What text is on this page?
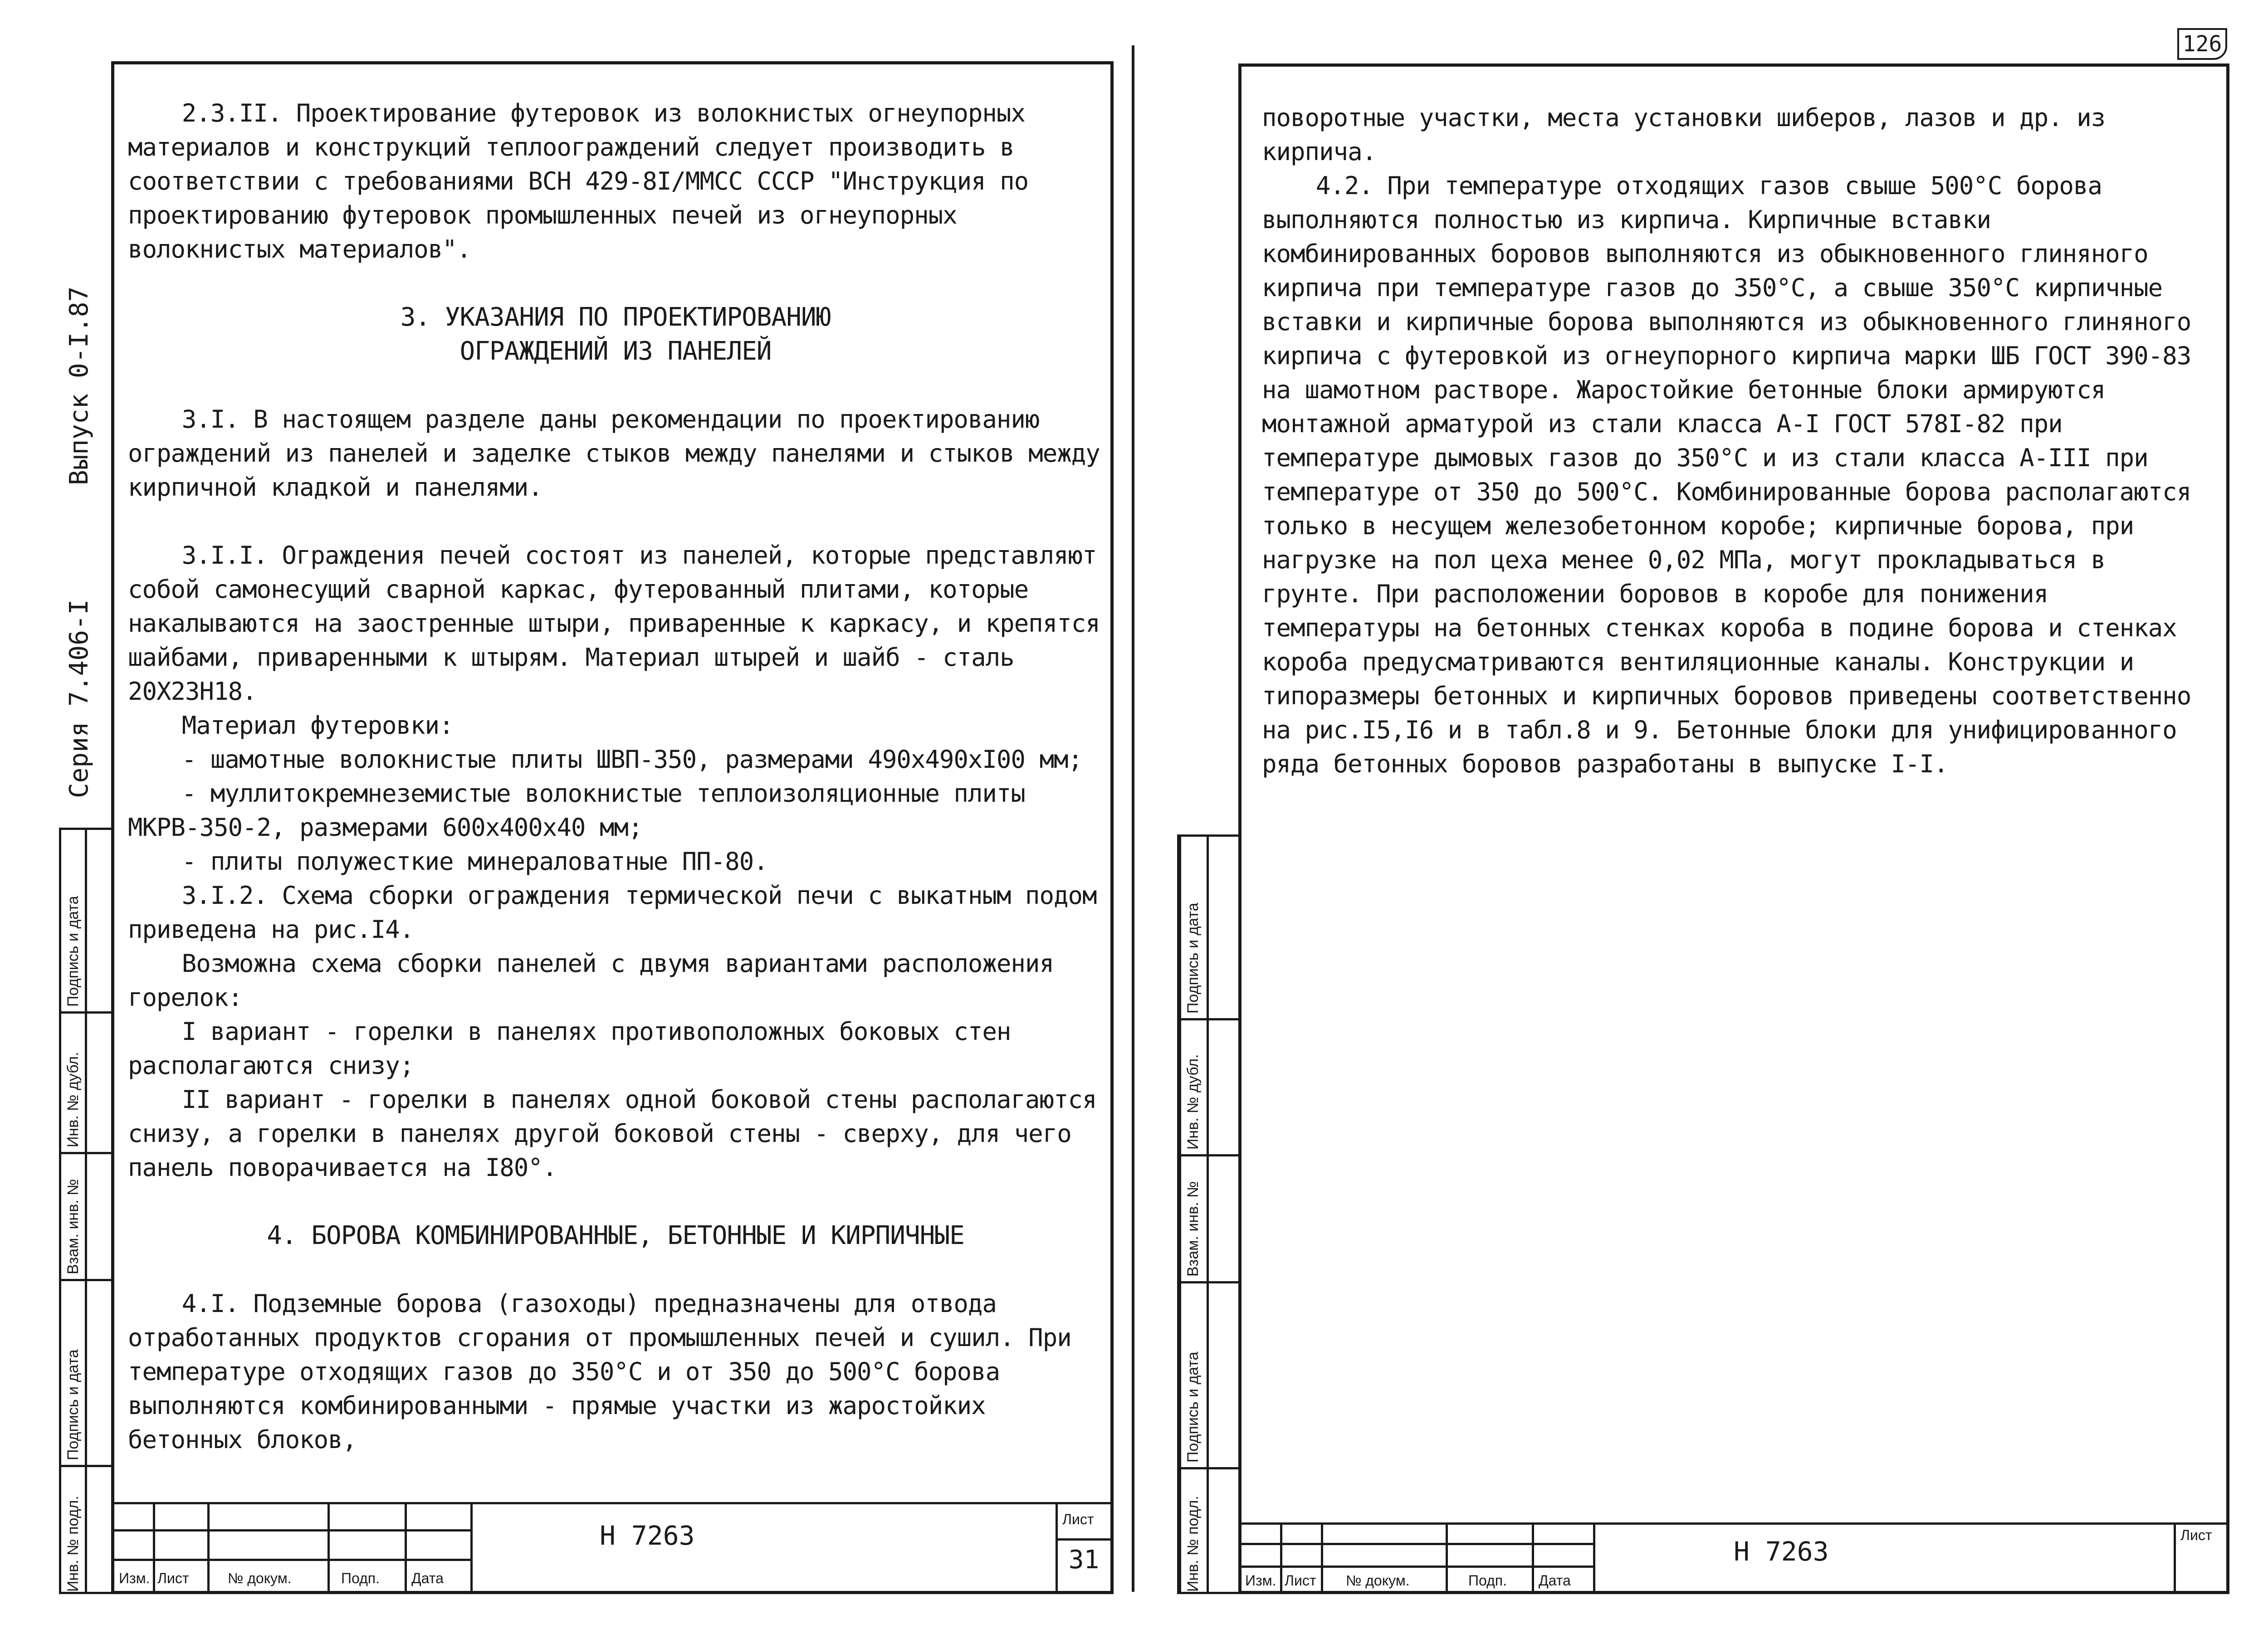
126
Выпуск 0-I.87
Серия 7.406-I
Подпись и дата
Инв. № дубл.
Взам. инв. №
Подпись и дата
Инв. № подл.

2.3.II. Проектирование футеровок из волокнистых огнеупорных материалов и конструкций теплоограждений следует производить в соответствии с требованиями ВСН 429-8I/ММСС СССР "Инструкция по проектированию футеровок промышленных печей из огнеупорных волокнистых материалов".

3. УКАЗАНИЯ ПО ПРОЕКТИРОВАНИЮ ОГРАЖДЕНИЙ ИЗ ПАНЕЛЕЙ

3.I. В настоящем разделе даны рекомендации по проектированию ограждений из панелей и заделке стыков между панелями и стыков между кирпичной кладкой и панелями.

3.I.I. Ограждения печей состоят из панелей, которые представляют собой самонесущий сварной каркас, футерованный плитами, которые накалываются на заостренные штыри, приваренные к каркасу, и крепятся шайбами, приваренными к штырям. Материал штырей и шайб - сталь 20Х23Н18.

Материал футеровки:

- шамотные волокнистые плиты ШВП-350, размерами 490х490хI00 мм;

- муллитокремнеземистые волокнистые теплоизоляционные плиты МКРВ-350-2, размерами 600х400х40 мм;

- плиты полужесткие минераловатные ПП-80.

3.I.2. Схема сборки ограждения термической печи с выкатным подом приведена на рис.I4.

Возможна схема сборки панелей с двумя вариантами расположения горелок:

I вариант - горелки в панелях противоположных боковых стен располагаются снизу;

II вариант - горелки в панелях одной боковой стены располагаются снизу, а горелки в панелях другой боковой стены - сверху, для чего панель поворачивается на I80°.

4. БОРОВА КОМБИНИРОВАННЫЕ, БЕТОННЫЕ И КИРПИЧНЫЕ

4.I. Подземные борова (газоходы) предназначены для отвода отработанных продуктов сгорания от промышленных печей и сушил. При температуре отходящих газов до 350°С и от 350 до 500°С борова выполняются комбинированными - прямые участки из жаростойких бетонных блоков,

Изм. Лист	№ докум.	Подп. Дата
Н 7263
Лист
31
Подпись и дата
Инв. № дубл.
Взам. инв. №
Подпись и дата
Инв. № подл.

поворотные участки, места установки шиберов, лазов и др. из кирпича.

4.2. При температуре отходящих газов свыше 500°С борова выполняются полностью из кирпича. Кирпичные вставки комбинированных боровов выполняются из обыкновенного глиняного кирпича при температуре газов до 350°С, а свыше 350°С кирпичные вставки и кирпичные борова выполняются из обыкновенного глиняного кирпича с футеровкой из огнеупорного кирпича марки ШБ ГОСТ 390-83 на шамотном растворе. Жаростойкие бетонные блоки армируются монтажной арматурой из стали класса А-I ГОСТ 578I-82 при температуре дымовых газов до 350°С и из стали класса А-III при температуре от 350 до 500°С. Комбинированные борова располагаются только в несущем железобетонном коробе; кирпичные борова, при нагрузке на пол цеха менее 0,02 МПа, могут прокладываться в грунте. При расположении боровов в коробе для понижения температуры на бетонных стенках короба в подине борова и стенках короба предусматриваются вентиляционные каналы. Конструкции и типоразмеры бетонных и кирпичных боровов приведены соответственно на рис.I5,I6 и в табл.8 и 9. Бетонные блоки для унифицированного ряда бетонных боровов разработаны в выпуске I-I.

Изм. Лист № докум.	Подп. Дата
Н 7263
Лист
